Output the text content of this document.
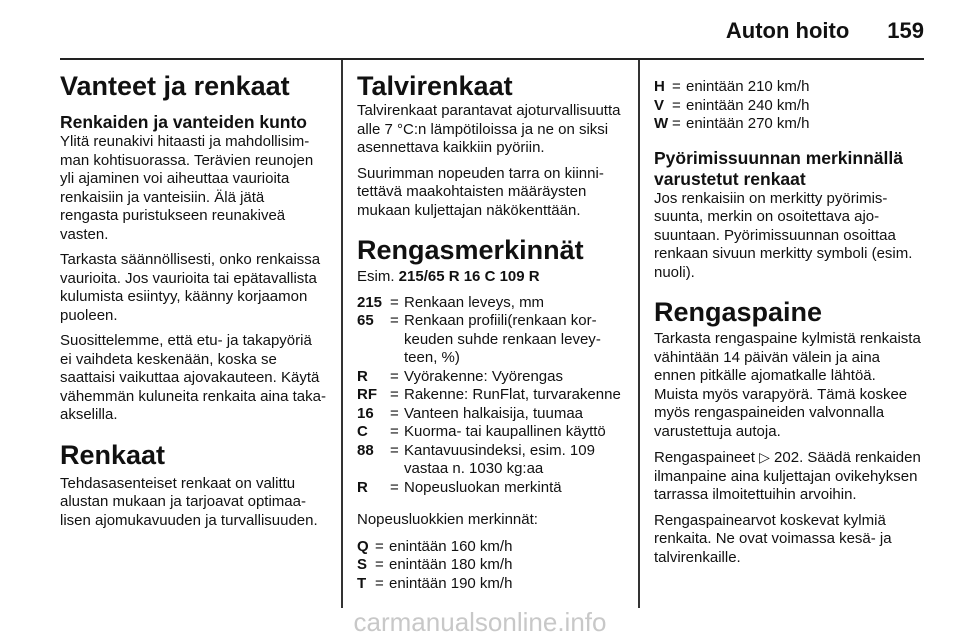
Auton hoito 159
Vanteet ja renkaat
Renkaiden ja vanteiden kunto

Ylitä reunakivi hitaasti ja mahdollisimman kohtisuorassa. Terävien reunojen yli ajaminen voi aiheuttaa vaurioita renkaisiin ja vanteisiin. Älä jätä rengasta puristukseen reunakiveä vasten.

Tarkasta säännöllisesti, onko renkaissa vaurioita. Jos vaurioita tai epätavallista kulumista esiintyy, käänny korjaamon puoleen.

Suosittelemme, että etu- ja takapyöriä ei vaihdeta keskenään, koska se saattaisi vaikuttaa ajovakauteen. Käytä vähemmän kuluneita renkaita aina taka-akselilla.

Renkaat

Tehdasasenteiset renkaat on valittu alustan mukaan ja tarjoavat optimaalisen ajomukavuuden ja turvallisuuden.

Talvirenkaat

Talvirenkaat parantavat ajoturvallisuutta alle 7 °C:n lämpötiloissa ja ne on siksi asennettava kaikkiin pyöriin.

Suurimman nopeuden tarra on kiinnitettävä maakohtaisten määräysten mukaan kuljettajan näkökenttään.

Rengasmerkinnät

Esim. 215/65 R 16 C 109 R

215 = Renkaan leveys, mm
65	= Renkaan profiili(renkaan korkeuden suhde renkaan leveyteen, %)
R	= Vyörakenne: Vyörengas
RF = Rakenne: RunFlat, turvarakenne
16	= Vanteen halkaisija, tuumaa
C	= Kuorma- tai kaupallinen käyttö
88	= Kantavuusindeksi, esim. 109 vastaa n. 1030 kg:aa
R	= Nopeusluokan merkintä

Nopeusluokkien merkinnät:

Q = enintään 160 km/h
S = enintään 180 km/h
T = enintään 190 km/h
H = enintään 210 km/h
V = enintään 240 km/h
W = enintään 270 km/h
Pyörimissuunnan merkinnällä varustetut renkaat

Jos renkaisiin on merkitty pyörimissuunta, merkin on osoitettava ajosuuntaan. Pyörimissuunnan osoittaa renkaan sivuun merkitty symboli (esim. nuoli).

Rengaspaine

Tarkasta rengaspaine kylmistä renkaista vähintään 14 päivän välein ja aina ennen pitkälle ajomatkalle lähtöä. Muista myös varapyörä. Tämä koskee myös rengaspaineiden valvonnalla varustettuja autoja.

Rengaspaineet ▷ 202. Säädä renkaiden ilmanpaine aina kuljettajan ovikehyksen tarrassa ilmoitettuihin arvoihin.

Rengaspainearvot koskevat kylmiä renkaita. Ne ovat voimassa kesä- ja talvirenkaille.

carmanualsonline.info
